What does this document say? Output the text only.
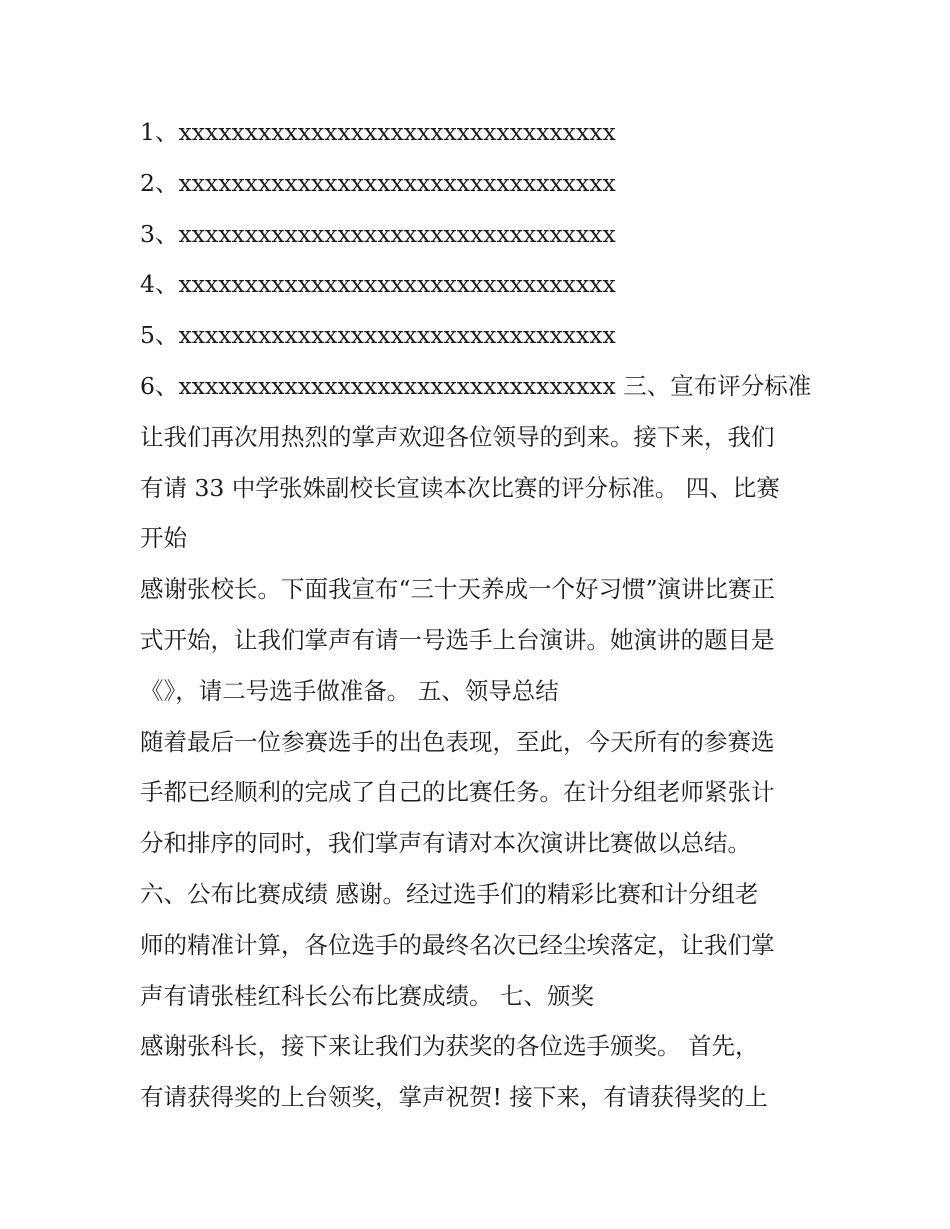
1、xxxxxxxxxxxxxxxxxxxxxxxxxxxxxxxxx
2、xxxxxxxxxxxxxxxxxxxxxxxxxxxxxxxxx
3、xxxxxxxxxxxxxxxxxxxxxxxxxxxxxxxxx
4、xxxxxxxxxxxxxxxxxxxxxxxxxxxxxxxxx
5、xxxxxxxxxxxxxxxxxxxxxxxxxxxxxxxxx
6、xxxxxxxxxxxxxxxxxxxxxxxxxxxxxxxxx 三、宣布评分标准
让我们再次用热烈的掌声欢迎各位领导的到来。接下来，我们
有请 33 中学张姝副校长宣读本次比赛的评分标准。 四、比赛
开始
感谢张校长。下面我宣布“三十天养成一个好习惯”演讲比赛正
式开始，让我们掌声有请一号选手上台演讲。她演讲的题目是
《》，请二号选手做准备。 五、领导总结
随着最后一位参赛选手的出色表现，至此，今天所有的参赛选
手都已经顺利的完成了自己的比赛任务。在计分组老师紧张计
分和排序的同时，我们掌声有请对本次演讲比赛做以总结。
六、公布比赛成绩 感谢。经过选手们的精彩比赛和计分组老
师的精准计算，各位选手的最终名次已经尘埃落定，让我们掌
声有请张桂红科长公布比赛成绩。 七、颁奖
感谢张科长，接下来让我们为获奖的各位选手颁奖。 首先，
有请获得奖的上台领奖，掌声祝贺! 接下来，有请获得奖的上
